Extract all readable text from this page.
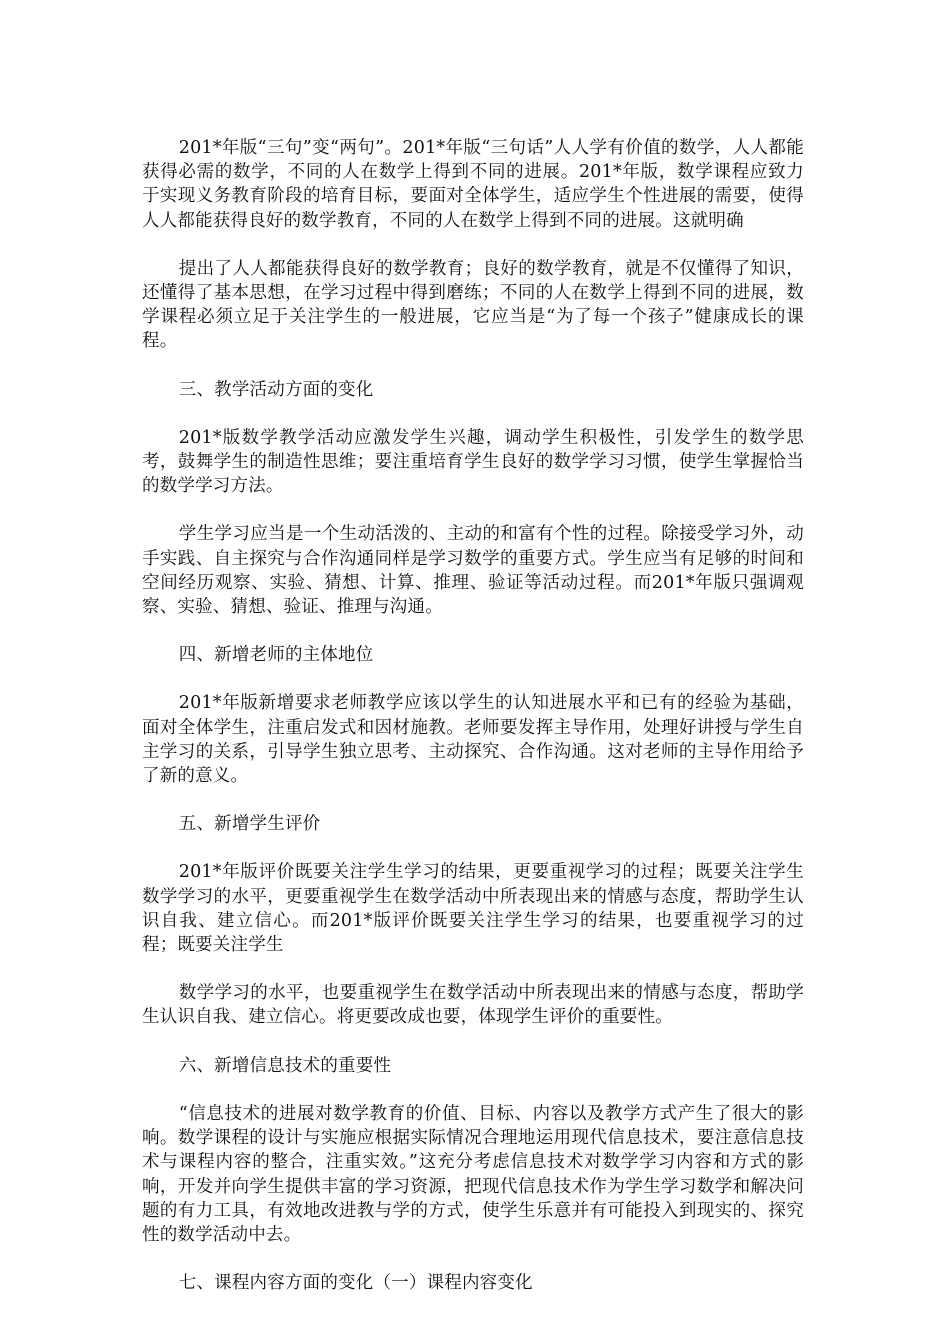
201*年版“三句”变“两句”。201*年版“三句话”人人学有价值的数学，人人都能获得必需的数学，不同的人在数学上得到不同的进展。201*年版，数学课程应致力于实现义务教育阶段的培育目标，要面对全体学生，适应学生个性进展的需要，使得人人都能获得良好的数学教育，不同的人在数学上得到不同的进展。这就明确

提出了人人都能获得良好的数学教育；良好的数学教育，就是不仅懂得了知识，还懂得了基本思想，在学习过程中得到磨练；不同的人在数学上得到不同的进展，数学课程必须立足于关注学生的一般进展，它应当是“为了每一个孩子”健康成长的课程。

三、教学活动方面的变化

201*版数学教学活动应激发学生兴趣，调动学生积极性，引发学生的数学思考，鼓舞学生的制造性思维；要注重培育学生良好的数学学习习惯，使学生掌握恰当的数学学习方法。

学生学习应当是一个生动活泼的、主动的和富有个性的过程。除接受学习外，动手实践、自主探究与合作沟通同样是学习数学的重要方式。学生应当有足够的时间和空间经历观察、实验、猜想、计算、推理、验证等活动过程。而201*年版只强调观察、实验、猜想、验证、推理与沟通。

四、新增老师的主体地位

201*年版新增要求老师教学应该以学生的认知进展水平和已有的经验为基础，面对全体学生，注重启发式和因材施教。老师要发挥主导作用，处理好讲授与学生自主学习的关系，引导学生独立思考、主动探究、合作沟通。这对老师的主导作用给予了新的意义。

五、新增学生评价

201*年版评价既要关注学生学习的结果，更要重视学习的过程；既要关注学生数学学习的水平，更要重视学生在数学活动中所表现出来的情感与态度，帮助学生认识自我、建立信心。而201*版评价既要关注学生学习的结果，也要重视学习的过程；既要关注学生

数学学习的水平，也要重视学生在数学活动中所表现出来的情感与态度，帮助学生认识自我、建立信心。将更要改成也要，体现学生评价的重要性。

六、新增信息技术的重要性

“信息技术的进展对数学教育的价值、目标、内容以及教学方式产生了很大的影响。数学课程的设计与实施应根据实际情况合理地运用现代信息技术，要注意信息技术与课程内容的整合，注重实效。”这充分考虑信息技术对数学学习内容和方式的影响，开发并向学生提供丰富的学习资源，把现代信息技术作为学生学习数学和解决问题的有力工具，有效地改进教与学的方式，使学生乐意并有可能投入到现实的、探究性的数学活动中去。

七、课程内容方面的变化（一）课程内容变化
